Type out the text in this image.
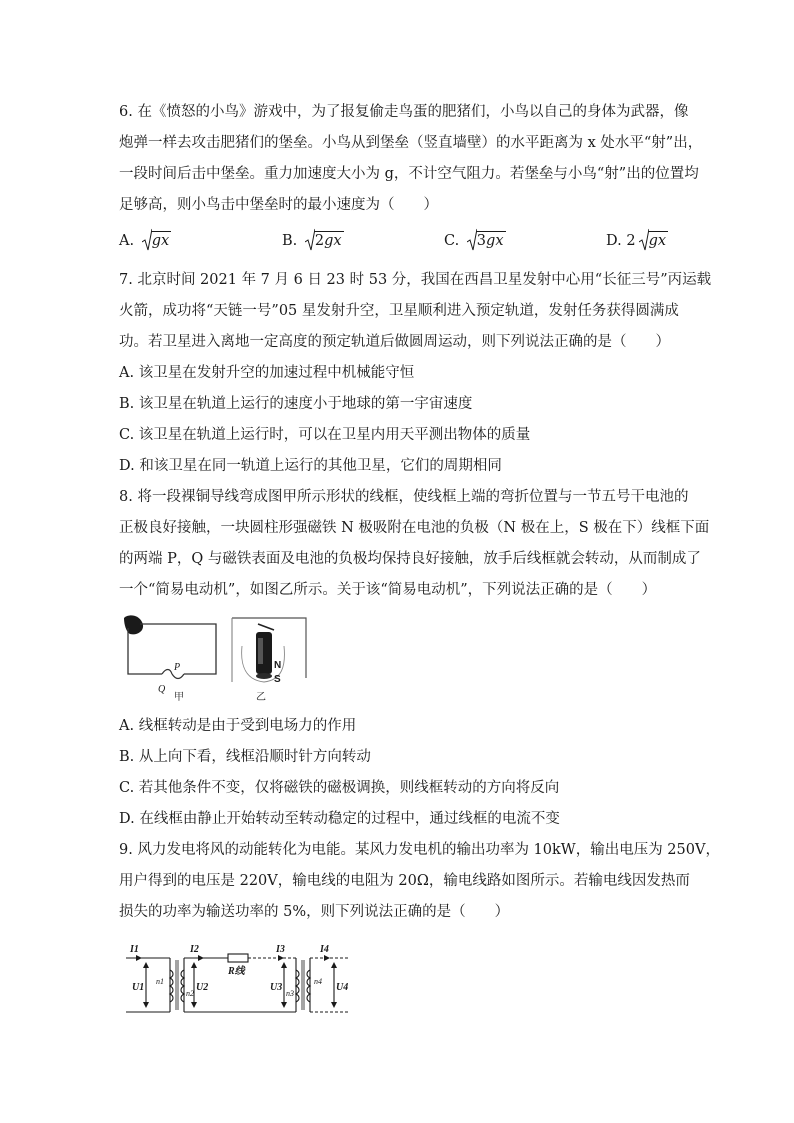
6. 在《愤怒的小鸟》游戏中，为了报复偷走鸟蛋的肥猪们，小鸟以自己的身体为武器，像
炮弹一样去攻击肥猪们的堡垒。小鸟从到堡垒（竖直墙壁）的水平距离为 x 处水平“射”出，
一段时间后击中堡垒。重力加速度大小为 g，不计空气阻力。若堡垒与小鸟“射”出的位置均
足够高，则小鸟击中堡垒时的最小速度为（　　）
A. gx	B. 2gx	C. 3gx	D. 2 gx
7. 北京时间 2021 年 7 月 6 日 23 时 53 分，我国在西昌卫星发射中心用“长征三号”丙运载
火箭，成功将“天链一号”05 星发射升空，卫星顺利进入预定轨道，发射任务获得圆满成
功。若卫星进入离地一定高度的预定轨道后做圆周运动，则下列说法正确的是（　　）
A. 该卫星在发射升空的加速过程中机械能守恒
B. 该卫星在轨道上运行的速度小于地球的第一宇宙速度
C. 该卫星在轨道上运行时，可以在卫星内用天平测出物体的质量
D. 和该卫星在同一轨道上运行的其他卫星，它们的周期相同
8. 将一段裸铜导线弯成图甲所示形状的线框，使线框上端的弯折位置与一节五号干电池的
正极良好接触，一块圆柱形强磁铁 N 极吸附在电池的负极（N 极在上，S 极在下）线框下面
的两端 P，Q 与磁铁表面及电池的负极均保持良好接触，放手后线框就会转动，从而制成了
一个“简易电动机”，如图乙所示。关于该“简易电动机”，下列说法正确的是（　　）
P
Q
甲
N
S
乙
A. 线框转动是由于受到电场力的作用
B. 从上向下看，线框沿顺时针方向转动
C. 若其他条件不变，仅将磁铁的磁极调换，则线框转动的方向将反向
D. 在线框由静止开始转动至转动稳定的过程中，通过线框的电流不变
9. 风力发电将风的动能转化为电能。某风力发电机的输出功率为 10kW，输出电压为 250V，
用户得到的电压是 220V，输电线的电阻为 20Ω，输电线路如图所示。若输电线因发热而
损失的功率为输送功率的 5%，则下列说法正确的是（　　）
I1	I2	I3	I4
U1	U2	U3	U4
R线
n1
n2	n3
n4
